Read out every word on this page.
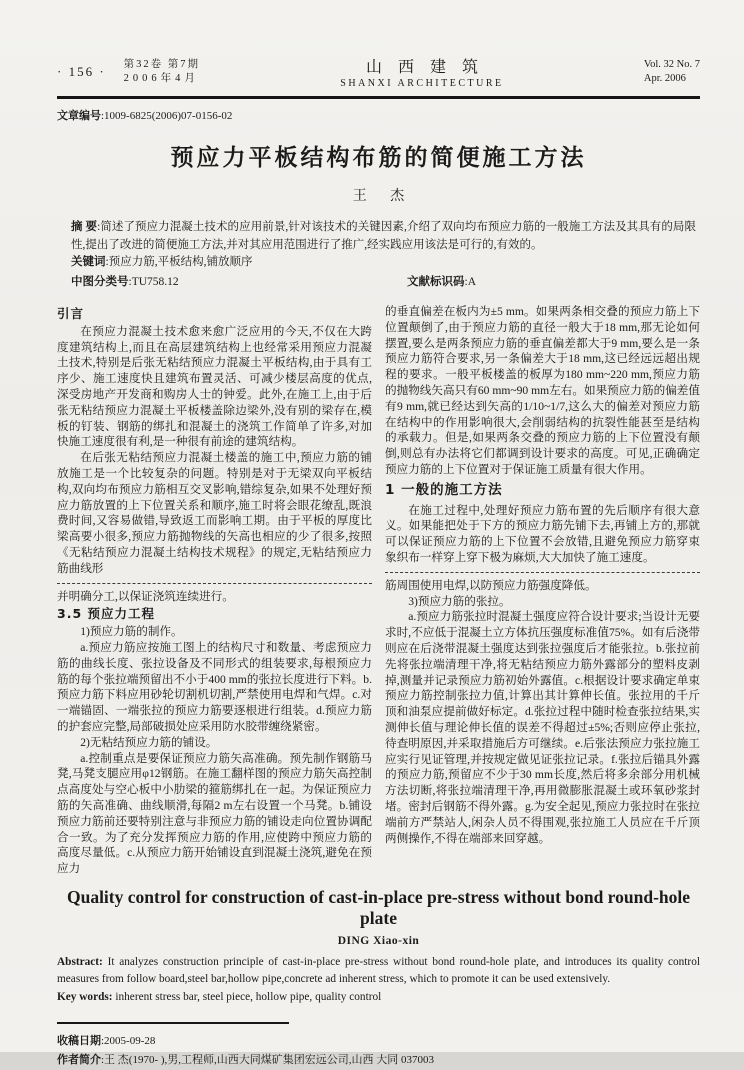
· 156 · 第32卷 第7期
2006年4月
山西建筑
SHANXI ARCHITECTURE
Vol. 32 No. 7
Apr. 2006
文章编号:1009-6825(2006)07-0156-02
预应力平板结构布筋的简便施工方法
王 杰

摘 要:简述了预应力混凝土技术的应用前景,针对该技术的关键因素,介绍了双向均布预应力筋的一般施工方法及其具有的局限性,提出了改进的简便施工方法,并对其应用范围进行了推广,经实践应用该法是可行的,有效的。

关键词:预应力筋,平板结构,铺放顺序

中图分类号:TU758.12	文献标识码:A
引言

在预应力混凝土技术愈来愈广泛应用的今天,不仅在大跨度建筑结构上,而且在高层建筑结构上也经常采用预应力混凝土技术,特别是后张无粘结预应力混凝土平板结构,由于具有工序少、施工速度快且建筑布置灵活、可减少楼层高度的优点,深受房地产开发商和购房人士的钟爱。此外,在施工上,由于后张无粘结预应力混凝土平板楼盖除边梁外,没有别的梁存在,模板的钉装、钢筋的绑扎和混凝土的浇筑工作简单了许多,对加快施工速度很有利,是一种很有前途的建筑结构。

在后张无粘结预应力混凝土楼盖的施工中,预应力筋的铺放施工是一个比较复杂的问题。特别是对于无梁双向平板结构,双向均布预应力筋相互交叉影响,错综复杂,如果不处理好预应力筋放置的上下位置关系和顺序,施工时将会眼花缭乱,既浪费时间,又容易做错,导致返工而影响工期。由于平板的厚度比梁高要小很多,预应力筋抛物线的矢高也相应的少了很多,按照《无粘结预应力混凝土结构技术规程》的规定,无粘结预应力筋曲线形

并明确分工,以保证浇筑连续进行。

3.5 预应力工程

1)预应力筋的制作。

a.预应力筋应按施工图上的结构尺寸和数量、考虑预应力筋的曲线长度、张拉设备及不同形式的组装要求,每根预应力筋的每个张拉端预留出不小于400 mm的张拉长度进行下料。b.预应力筋下料应用砂轮切割机切割,严禁使用电焊和气焊。c.对一端锚固、一端张拉的预应力筋要逐根进行组装。d.预应力筋的护套应完整,局部破损处应采用防水胶带缠绕紧密。

2)无粘结预应力筋的铺设。

a.控制重点是要保证预应力筋矢高准确。预先制作钢筋马凳,马凳支腿应用φ12钢筋。在施工翻样图的预应力筋矢高控制点高度处与空心板中小肋梁的箍筋绑扎在一起。为保证预应力筋的矢高准确、曲线顺滑,每隔2 m左右设置一个马凳。b.铺设预应力筋前还要特别注意与非预应力筋的铺设走向位置协调配合一致。为了充分发挥预应力筋的作用,应使跨中预应力筋的高度尽量低。c.从预应力筋开始铺设直到混凝土浇筑,避免在预应力

的垂直偏差在板内为±5 mm。如果两条相交叠的预应力筋上下位置颠倒了,由于预应力筋的直径一般大于18 mm,那无论如何摆置,要么是两条预应力筋的垂直偏差都大于9 mm,要么是一条预应力筋符合要求,另一条偏差大于18 mm,这已经远远超出规程的要求。一般平板楼盖的板厚为180 mm~220 mm,预应力筋的抛物线矢高只有60 mm~90 mm左右。如果预应力筋的偏差值有9 mm,就已经达到矢高的1/10~1/7,这么大的偏差对预应力筋在结构中的作用影响很大,会削弱结构的抗裂性能甚至是结构的承载力。但是,如果两条交叠的预应力筋的上下位置没有颠倒,则总有办法将它们都调到设计要求的高度。可见,正确确定预应力筋的上下位置对于保证施工质量有很大作用。

1 一般的施工方法

在施工过程中,处理好预应力筋布置的先后顺序有很大意义。如果能把处于下方的预应力筋先铺下去,再铺上方的,那就可以保证预应力筋的上下位置不会放错,且避免预应力筋穿束象织布一样穿上穿下极为麻烦,大大加快了施工速度。

筋周围使用电焊,以防预应力筋强度降低。

3)预应力筋的张拉。

a.预应力筋张拉时混凝土强度应符合设计要求;当设计无要求时,不应低于混凝土立方体抗压强度标准值75%。如有后浇带则应在后浇带混凝土强度达到张拉强度后才能张拉。b.张拉前先将张拉端清理干净,将无粘结预应力筋外露部分的塑料皮剥掉,测量并记录预应力筋初始外露值。c.根据设计要求确定单束预应力筋控制张拉力值,计算出其计算伸长值。张拉用的千斤顶和油泵应提前做好标定。d.张拉过程中随时检查张拉结果,实测伸长值与理论伸长值的误差不得超过±5%;否则应停止张拉,待查明原因,并采取措施后方可继续。e.后张法预应力张拉施工应实行见证管理,并按规定做见证张拉记录。f.张拉后锚具外露的预应力筋,预留应不少于30 mm长度,然后将多余部分用机械方法切断,将张拉端清理干净,再用微膨胀混凝土或环氧砂浆封堵。密封后钢筋不得外露。g.为安全起见,预应力张拉时在张拉端前方严禁站人,闲杂人员不得围观,张拉施工人员应在千斤顶两侧操作,不得在端部来回穿越。

Quality control for construction of cast-in-place pre-stress without bond round-hole plate
DING Xiao-xin

Abstract: It analyzes construction principle of cast-in-place pre-stress without bond round-hole plate, and introduces its quality control measures from follow board,steel bar,hollow pipe,concrete ad inherent stress, which to promote it can be used extensively.

Key words: inherent stress bar, steel piece, hollow pipe, quality control

收稿日期:2005-09-28
作者简介:王 杰(1970- ),男,工程师,山西大同煤矿集团宏远公司,山西 大同 037003
